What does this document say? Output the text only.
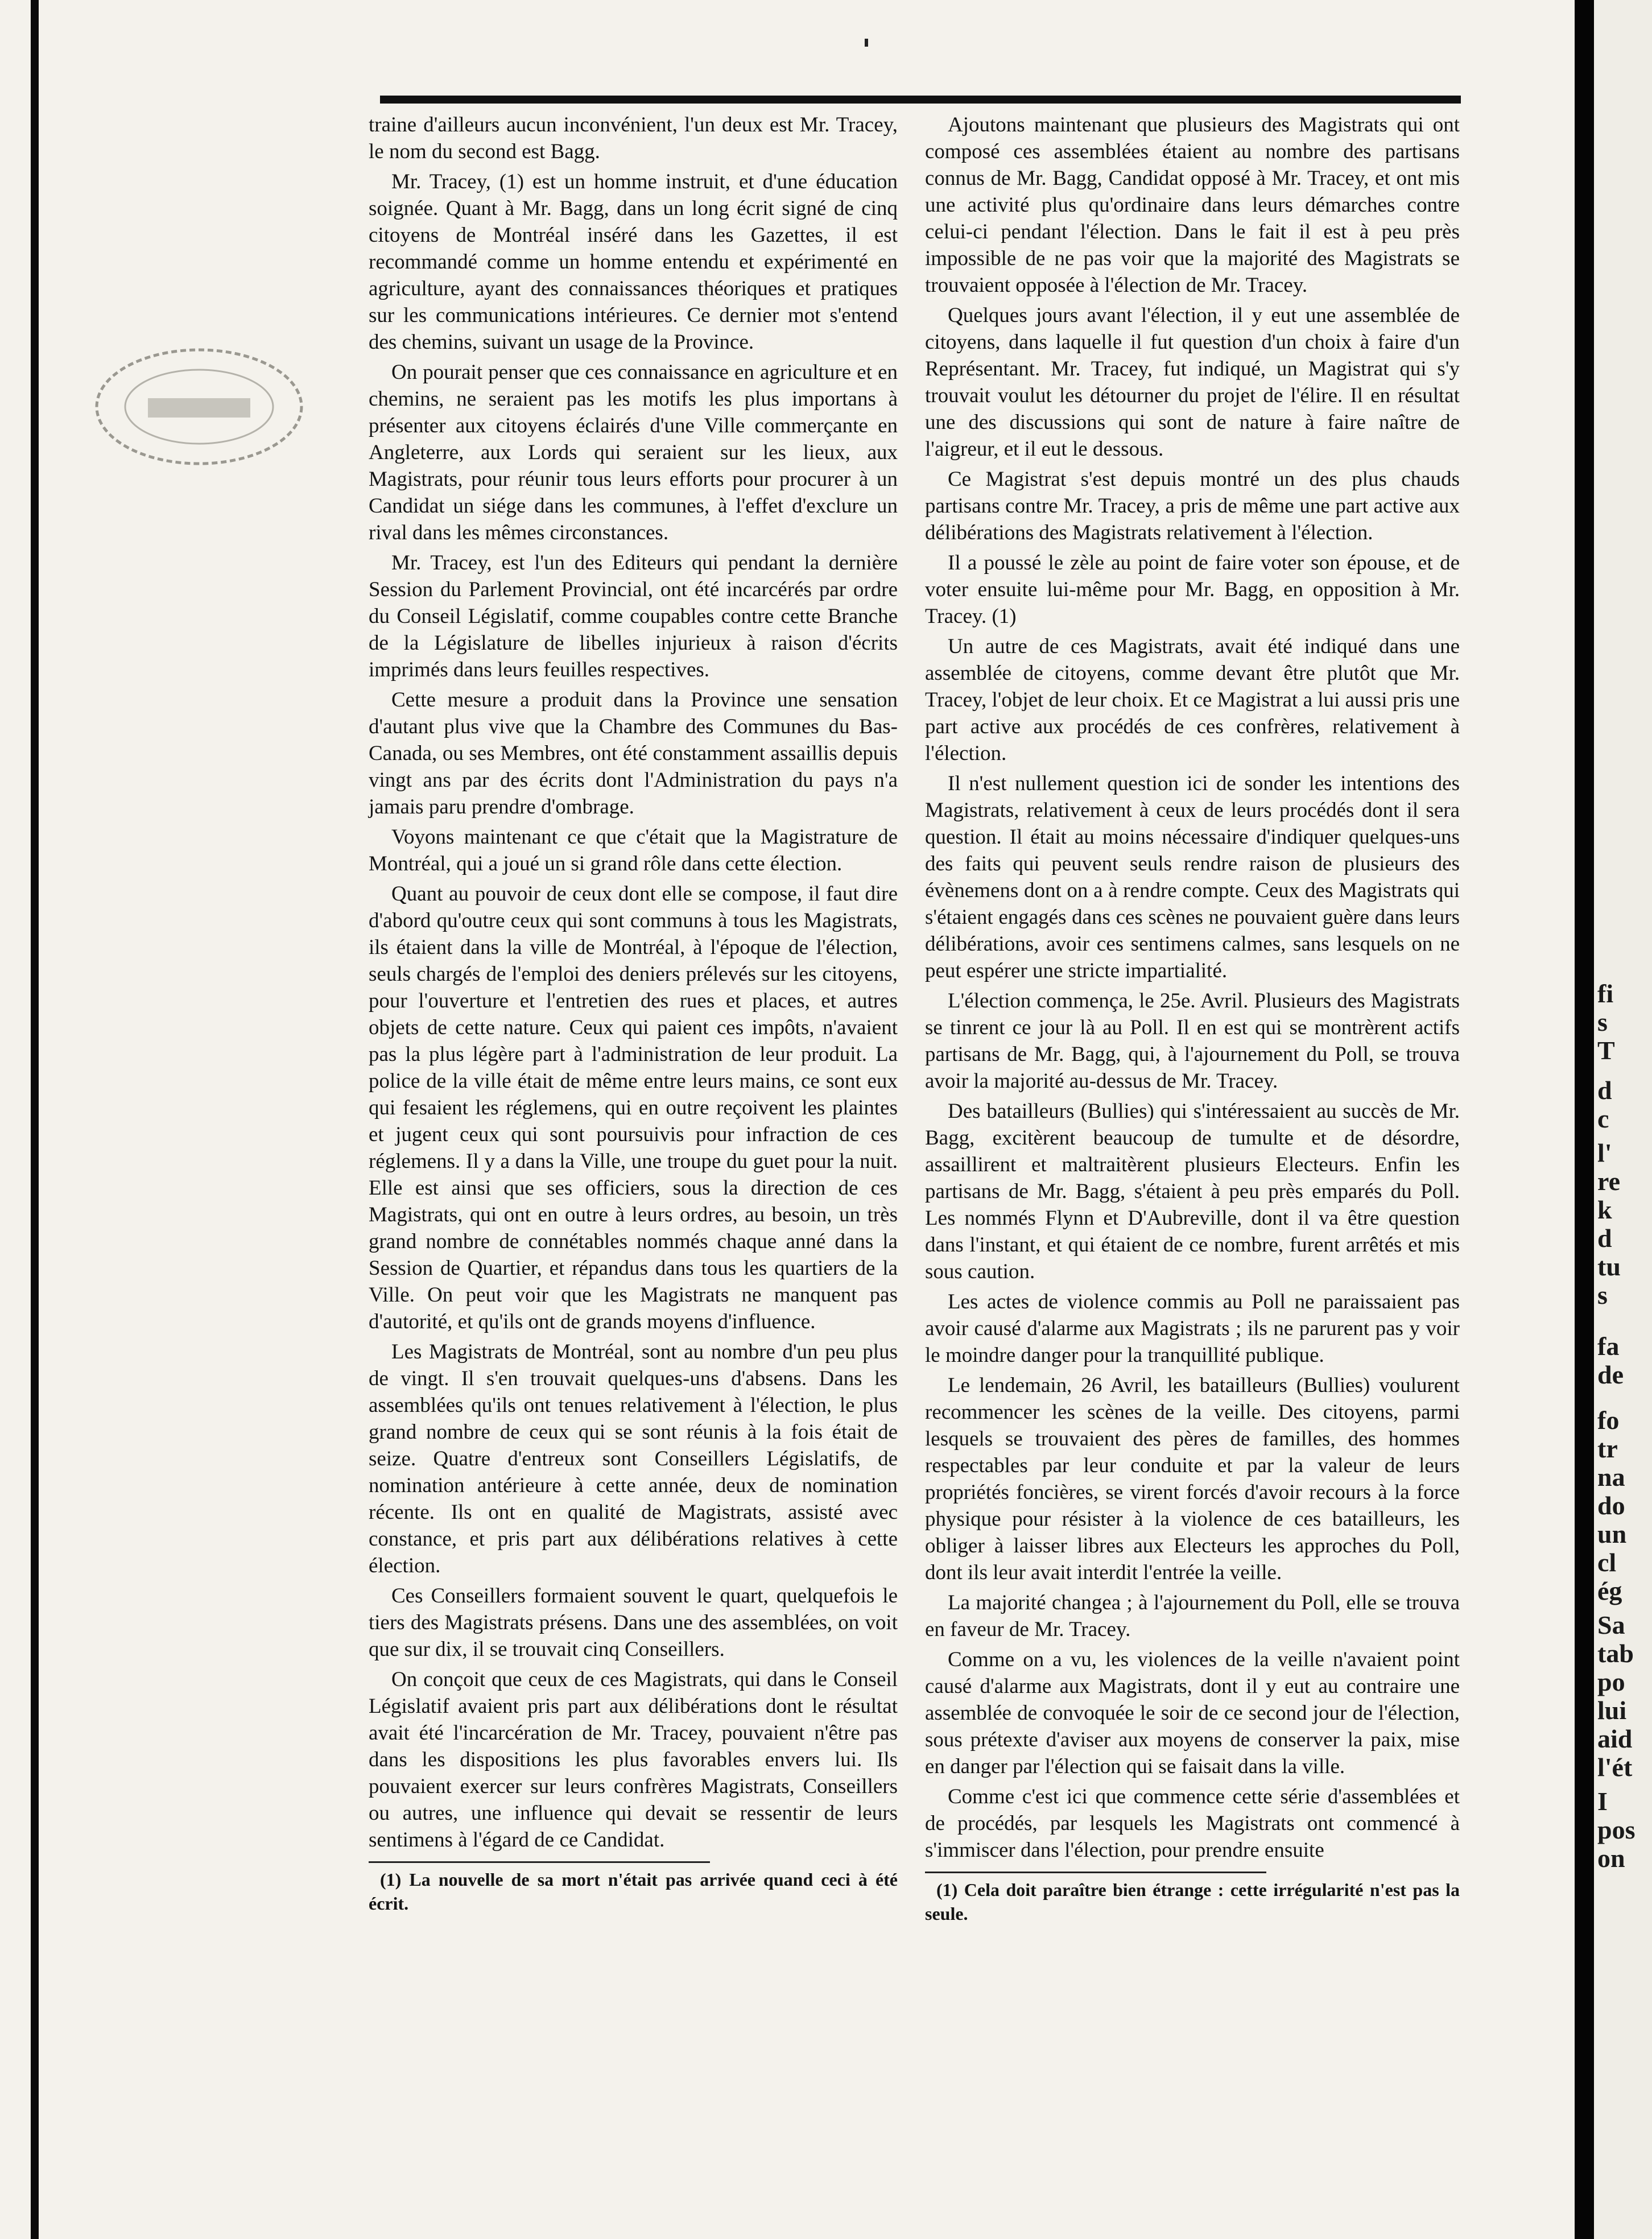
traine d'ailleurs aucun inconvénient, l'un deux est Mr. Tracey, le nom du second est Bagg.

Mr. Tracey, (1) est un homme instruit, et d'une éducation soignée. Quant à Mr. Bagg, dans un long écrit signé de cinq citoyens de Montréal inséré dans les Gazettes, il est recommandé comme un homme entendu et expérimenté en agriculture, ayant des connaissances théoriques et pratiques sur les communications intérieures. Ce dernier mot s'entend des chemins, suivant un usage de la Province.

On pourait penser que ces connaissance en agriculture et en chemins, ne seraient pas les motifs les plus importans à présenter aux citoyens éclairés d'une Ville commerçante en Angleterre, aux Lords qui seraient sur les lieux, aux Magistrats, pour réunir tous leurs efforts pour procurer à un Candidat un siége dans les communes, à l'effet d'exclure un rival dans les mêmes circonstances.

Mr. Tracey, est l'un des Editeurs qui pendant la dernière Session du Parlement Provincial, ont été incarcérés par ordre du Conseil Législatif, comme coupables contre cette Branche de la Législature de libelles injurieux à raison d'écrits imprimés dans leurs feuilles respectives.

Cette mesure a produit dans la Province une sensation d'autant plus vive que la Chambre des Communes du Bas-Canada, ou ses Membres, ont été constamment assaillis depuis vingt ans par des écrits dont l'Administration du pays n'a jamais paru prendre d'ombrage.

Voyons maintenant ce que c'était que la Magistrature de Montréal, qui a joué un si grand rôle dans cette élection.

Quant au pouvoir de ceux dont elle se compose, il faut dire d'abord qu'outre ceux qui sont communs à tous les Magistrats, ils étaient dans la ville de Montréal, à l'époque de l'élection, seuls chargés de l'emploi des deniers prélevés sur les citoyens, pour l'ouverture et l'entretien des rues et places, et autres objets de cette nature. Ceux qui paient ces impôts, n'avaient pas la plus légère part à l'administration de leur produit. La police de la ville était de même entre leurs mains, ce sont eux qui fesaient les réglemens, qui en outre reçoivent les plaintes et jugent ceux qui sont poursuivis pour infraction de ces réglemens. Il y a dans la Ville, une troupe du guet pour la nuit. Elle est ainsi que ses officiers, sous la direction de ces Magistrats, qui ont en outre à leurs ordres, au besoin, un très grand nombre de connétables nommés chaque anné dans la Session de Quartier, et répandus dans tous les quartiers de la Ville. On peut voir que les Magistrats ne manquent pas d'autorité, et qu'ils ont de grands moyens d'influence.

Les Magistrats de Montréal, sont au nombre d'un peu plus de vingt. Il s'en trouvait quelques-uns d'absens. Dans les assemblées qu'ils ont tenues relativement à l'élection, le plus grand nombre de ceux qui se sont réunis à la fois était de seize. Quatre d'entreux sont Conseillers Législatifs, de nomination antérieure à cette année, deux de nomination récente. Ils ont en qualité de Magistrats, assisté avec constance, et pris part aux délibérations relatives à cette élection.

Ces Conseillers formaient souvent le quart, quelquefois le tiers des Magistrats présens. Dans une des assemblées, on voit que sur dix, il se trouvait cinq Conseillers.

On conçoit que ceux de ces Magistrats, qui dans le Conseil Législatif avaient pris part aux délibérations dont le résultat avait été l'incarcération de Mr. Tracey, pouvaient n'être pas dans les dispositions les plus favorables envers lui. Ils pouvaient exercer sur leurs confrères Magistrats, Conseillers ou autres, une influence qui devait se ressentir de leurs sentimens à l'égard de ce Candidat.

(1) La nouvelle de sa mort n'était pas arrivée quand ceci à été écrit.

Ajoutons maintenant que plusieurs des Magistrats qui ont composé ces assemblées étaient au nombre des partisans connus de Mr. Bagg, Candidat opposé à Mr. Tracey, et ont mis une activité plus qu'ordinaire dans leurs démarches contre celui-ci pendant l'élection. Dans le fait il est à peu près impossible de ne pas voir que la majorité des Magistrats se trouvaient opposée à l'élection de Mr. Tracey.

Quelques jours avant l'élection, il y eut une assemblée de citoyens, dans laquelle il fut question d'un choix à faire d'un Représentant. Mr. Tracey, fut indiqué, un Magistrat qui s'y trouvait voulut les détourner du projet de l'élire. Il en résultat une des discussions qui sont de nature à faire naître de l'aigreur, et il eut le dessous.

Ce Magistrat s'est depuis montré un des plus chauds partisans contre Mr. Tracey, a pris de même une part active aux délibérations des Magistrats relativement à l'élection.

Il a poussé le zèle au point de faire voter son épouse, et de voter ensuite lui-même pour Mr. Bagg, en opposition à Mr. Tracey. (1)

Un autre de ces Magistrats, avait été indiqué dans une assemblée de citoyens, comme devant être plutôt que Mr. Tracey, l'objet de leur choix. Et ce Magistrat a lui aussi pris une part active aux procédés de ces confrères, relativement à l'élection.

Il n'est nullement question ici de sonder les intentions des Magistrats, relativement à ceux de leurs procédés dont il sera question. Il était au moins nécessaire d'indiquer quelques-uns des faits qui peuvent seuls rendre raison de plusieurs des évènemens dont on a à rendre compte. Ceux des Magistrats qui s'étaient engagés dans ces scènes ne pouvaient guère dans leurs délibérations, avoir ces sentimens calmes, sans lesquels on ne peut espérer une stricte impartialité.

L'élection commença, le 25e. Avril. Plusieurs des Magistrats se tinrent ce jour là au Poll. Il en est qui se montrèrent actifs partisans de Mr. Bagg, qui, à l'ajournement du Poll, se trouva avoir la majorité au-dessus de Mr. Tracey.

Des batailleurs (Bullies) qui s'intéressaient au succès de Mr. Bagg, excitèrent beaucoup de tumulte et de désordre, assaillirent et maltraitèrent plusieurs Electeurs. Enfin les partisans de Mr. Bagg, s'étaient à peu près emparés du Poll. Les nommés Flynn et D'Aubreville, dont il va être question dans l'instant, et qui étaient de ce nombre, furent arrêtés et mis sous caution.

Les actes de violence commis au Poll ne paraissaient pas avoir causé d'alarme aux Magistrats ; ils ne parurent pas y voir le moindre danger pour la tranquillité publique.

Le lendemain, 26 Avril, les batailleurs (Bullies) voulurent recommencer les scènes de la veille. Des citoyens, parmi lesquels se trouvaient des pères de familles, des hommes respectables par leur conduite et par la valeur de leurs propriétés foncières, se virent forcés d'avoir recours à la force physique pour résister à la violence de ces batailleurs, les obliger à laisser libres aux Electeurs les approches du Poll, dont ils leur avait interdit l'entrée la veille.

La majorité changea ; à l'ajournement du Poll, elle se trouva en faveur de Mr. Tracey.

Comme on a vu, les violences de la veille n'avaient point causé d'alarme aux Magistrats, dont il y eut au contraire une assemblée de convoquée le soir de ce second jour de l'élection, sous prétexte d'aviser aux moyens de conserver la paix, mise en danger par l'élection qui se faisait dans la ville.

Comme c'est ici que commence cette série d'assemblées et de procédés, par lesquels les Magistrats ont commencé à s'immiscer dans l'élection, pour prendre ensuite

(1) Cela doit paraître bien étrange : cette irrégularité n'est pas la seule.
fi
s
T
d
c
l'
re
k
d
tu
s
fa
de
fo
tr
na
do
un
cl
ég
Sa
tab
po
lui
aid
l'ét
I
pos
on
